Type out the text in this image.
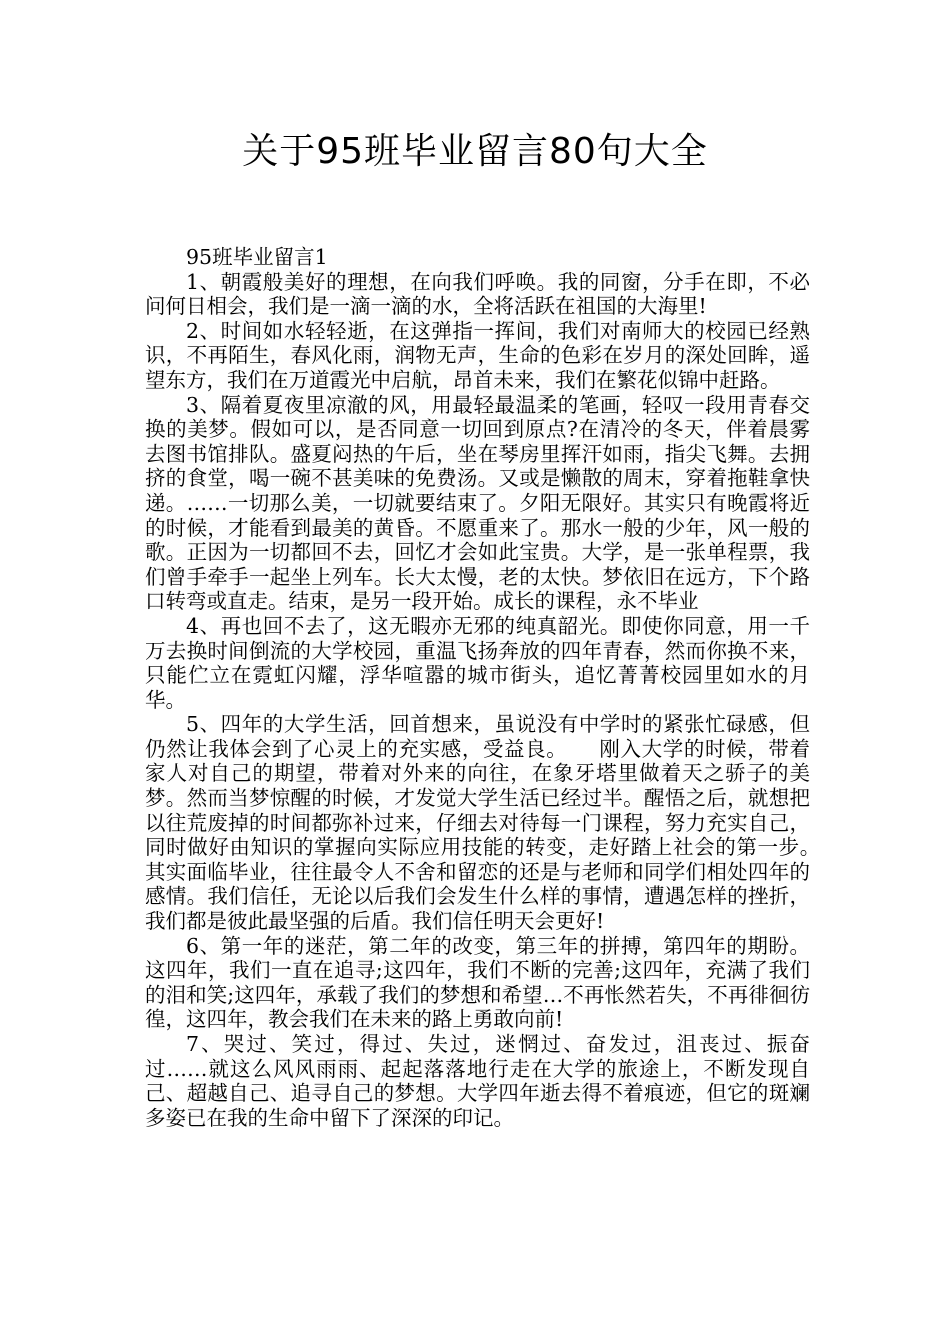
关于95班毕业留言80句大全

95班毕业留言1

1、朝霞般美好的理想，在向我们呼唤。我的同窗，分手在即，不必问何日相会，我们是一滴一滴的水，全将活跃在祖国的大海里!

2、时间如水轻轻逝，在这弹指一挥间，我们对南师大的校园已经熟识，不再陌生，春风化雨，润物无声，生命的色彩在岁月的深处回眸，遥望东方，我们在万道霞光中启航，昂首未来，我们在繁花似锦中赶路。

3、隔着夏夜里凉澈的风，用最轻最温柔的笔画，轻叹一段用青春交换的美梦。假如可以，是否同意一切回到原点?在清冷的冬天，伴着晨雾去图书馆排队。盛夏闷热的午后，坐在琴房里挥汗如雨，指尖飞舞。去拥挤的食堂，喝一碗不甚美味的免费汤。又或是懒散的周末，穿着拖鞋拿快递。……一切那么美，一切就要结束了。夕阳无限好。其实只有晚霞将近的时候，才能看到最美的黄昏。不愿重来了。那水一般的少年，风一般的歌。正因为一切都回不去，回忆才会如此宝贵。大学，是一张单程票，我们曾手牵手一起坐上列车。长大太慢，老的太快。梦依旧在远方，下个路口转弯或直走。结束，是另一段开始。成长的课程，永不毕业

4、再也回不去了，这无暇亦无邪的纯真韶光。即使你同意，用一千万去换时间倒流的大学校园，重温飞扬奔放的四年青春，然而你换不来，只能伫立在霓虹闪耀，浮华喧嚣的城市街头，追忆菁菁校园里如水的月华。

5、四年的大学生活，回首想来，虽说没有中学时的紧张忙碌感，但仍然让我体会到了心灵上的充实感，受益良。　　刚入大学的时候，带着家人对自己的期望，带着对外来的向往，在象牙塔里做着天之骄子的美梦。然而当梦惊醒的时候，才发觉大学生活已经过半。醒悟之后，就想把以往荒废掉的时间都弥补过来，仔细去对待每一门课程，努力充实自己，同时做好由知识的掌握向实际应用技能的转变，走好踏上社会的第一步。　　其实面临毕业，往往最令人不舍和留恋的还是与老师和同学们相处四年的感情。我们信任，无论以后我们会发生什么样的事情，遭遇怎样的挫折，我们都是彼此最坚强的后盾。我们信任明天会更好!

6、第一年的迷茫，第二年的改变，第三年的拼搏，第四年的期盼。这四年，我们一直在追寻;这四年，我们不断的完善;这四年，充满了我们的泪和笑;这四年，承载了我们的梦想和希望…不再怅然若失，不再徘徊彷徨，这四年，教会我们在未来的路上勇敢向前!

7、哭过、笑过，得过、失过，迷惘过、奋发过，沮丧过、振奋过……就这么风风雨雨、起起落落地行走在大学的旅途上，不断发现自己、超越自己、追寻自己的梦想。大学四年逝去得不着痕迹，但它的斑斓多姿已在我的生命中留下了深深的印记。
